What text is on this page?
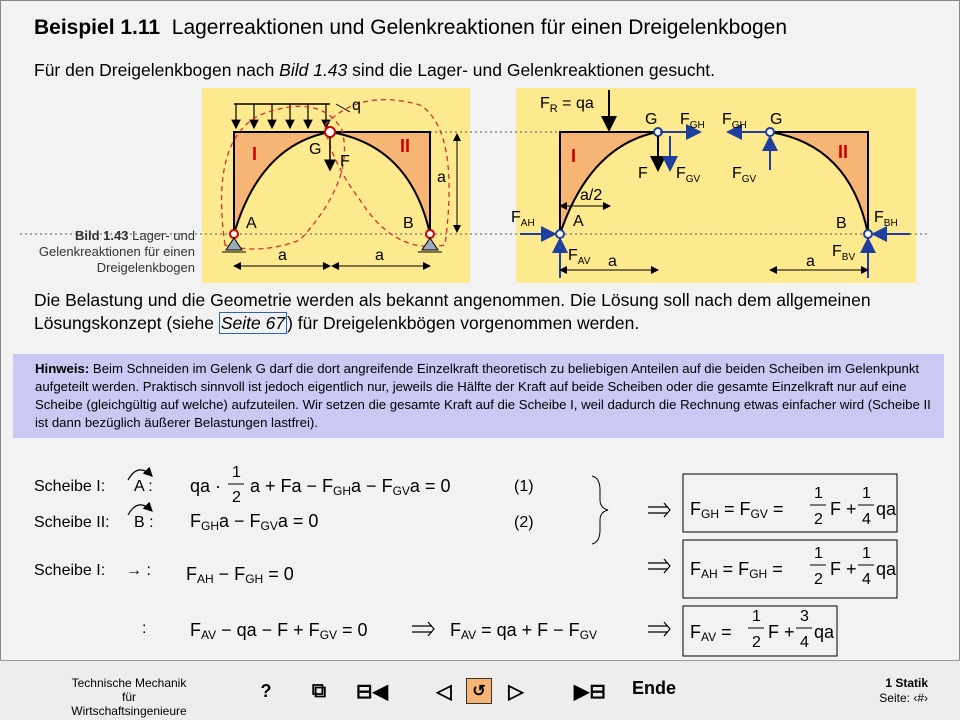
Beispiel 1.11 Lagerreaktionen und Gelenkreaktionen für einen Dreigelenkbogen
Für den Dreigelenkbogen nach Bild 1.43 sind die Lager- und Gelenkreaktionen gesucht.
q
G
F
I	II
a
A	B
a	a
$F_R$ = qa
G $F_{GH}$
I
F $F_{GV}$
a/2
$F_{AH}$ A
$F_{AV}$ a
$F_{GH}$ G
II
$F_{GV}$
B $F_{BH}$
$F_{BV}$
a
Bild 1.43 Lager- und Gelenkreaktionen für einen Dreigelenkbogen
Die Belastung und die Geometrie werden als bekannt angenommen. Die Lösung soll nach dem allgemeinen Lösungskonzept (siehe Seite 67 ) für Dreigelenkbögen vorgenommen werden.
Hinweis: Beim Schneiden im Gelenk G darf die dort angreifende Einzelkraft theoretisch zu beliebigen Anteilen auf die beiden Scheiben im Gelenkpunkt aufgeteilt werden. Praktisch sinnvoll ist jedoch eigentlich nur, jeweils die Hälfte der Kraft auf beide Scheiben oder die gesamte Einzelkraft nur auf eine Scheibe (gleichgültig auf welche) aufzuteilen. Wir setzen die gesamte Kraft auf die Scheibe I, weil dadurch die Rechnung etwas einfacher wird (Scheibe II ist dann bezüglich äußerer Belastungen lastfrei).
qa ·
1
2
a + Fa − FGHa − FGVa = 0
FGHa − FGVa = 0
FAH − FGH = 0
FAV − qa − F + FGV = 0	FAV = qa + F − FGV
FGH = FGV =
1
2
F +
1
4
qa
FAH = FGH =
1
2
F +
1
4
qa
FAV =
1
2
F +
3
4
qa
Scheibe I: A :	(1)
Scheibe II: B :	(2)
Scheibe I: → :
:
Technische Mechanik für Wirtschaftsingenieure
1 Statik
Seite: ‹#›
?	⧉	⊟◀	◁	↺	▷	▶⊟	Ende
